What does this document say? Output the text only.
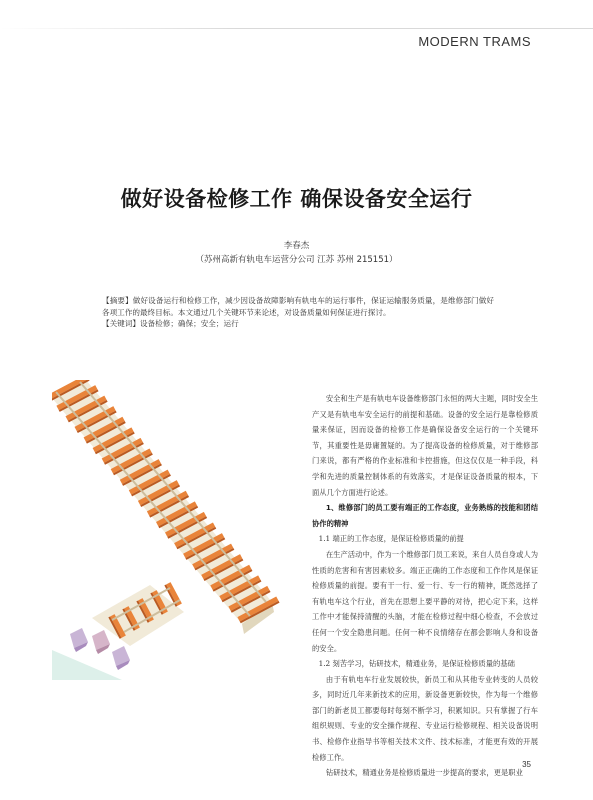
MODERN TRAMS
做好设备检修工作 确保设备安全运行
李春杰
（苏州高新有轨电车运营分公司 江苏 苏州 215151）

【摘要】做好设备运行和检修工作，减少因设备故障影响有轨电车的运行事件，保证运输服务质量，是维修部门做好各项工作的最终目标。本文通过几个关键环节来论述，对设备质量如何保证进行探讨。

【关键词】设备检修；确保；安全；运行

安全和生产是有轨电车设备维修部门永恒的两大主题，同时安全生产又是有轨电车安全运行的前提和基础。设备的安全运行是靠检修质量来保证，因而设备的检修工作是确保设备安全运行的一个关键环节，其重要性是毋庸置疑的。为了提高设备的检修质量，对于维修部门来说，都有严格的作业标准和卡控措施，但这仅仅是一种手段，科学和先进的质量控制体系的有效落实，才是保证设备质量的根本，下面从几个方面进行论述。

1、维修部门的员工要有端正的工作态度，业务熟练的技能和团结协作的精神

1.1 端正的工作态度，是保证检修质量的前提

在生产活动中，作为一个维修部门员工来说，来自人员自身或人为性质的危害和有害因素较多。端正正确的工作态度和工作作风是保证检修质量的前提。要有干一行、爱一行、专一行的精神，既然选择了有轨电车这个行业，首先在思想上要平静的对待，把心定下来，这样工作中才能保持清醒的头脑，才能在检修过程中细心检查，不会放过任何一个安全隐患问题。任何一种不良情绪存在都会影响人身和设备的安全。

1.2 刻苦学习，钻研技术，精通业务，是保证检修质量的基础

由于有轨电车行业发展较快，新员工和从其他专业转变的人员较多，同时近几年来新技术的应用，新设备更新较快，作为每一个维修部门的新老员工都要每时每刻不断学习，积累知识。只有掌握了行车组织规则、专业的安全操作规程、专业运行检修规程、相关设备说明书、检修作业指导书等相关技术文件、技术标准，才能更有效的开展检修工作。

钻研技术，精通业务是检修质量进一步提高的要求，更是职业

35
